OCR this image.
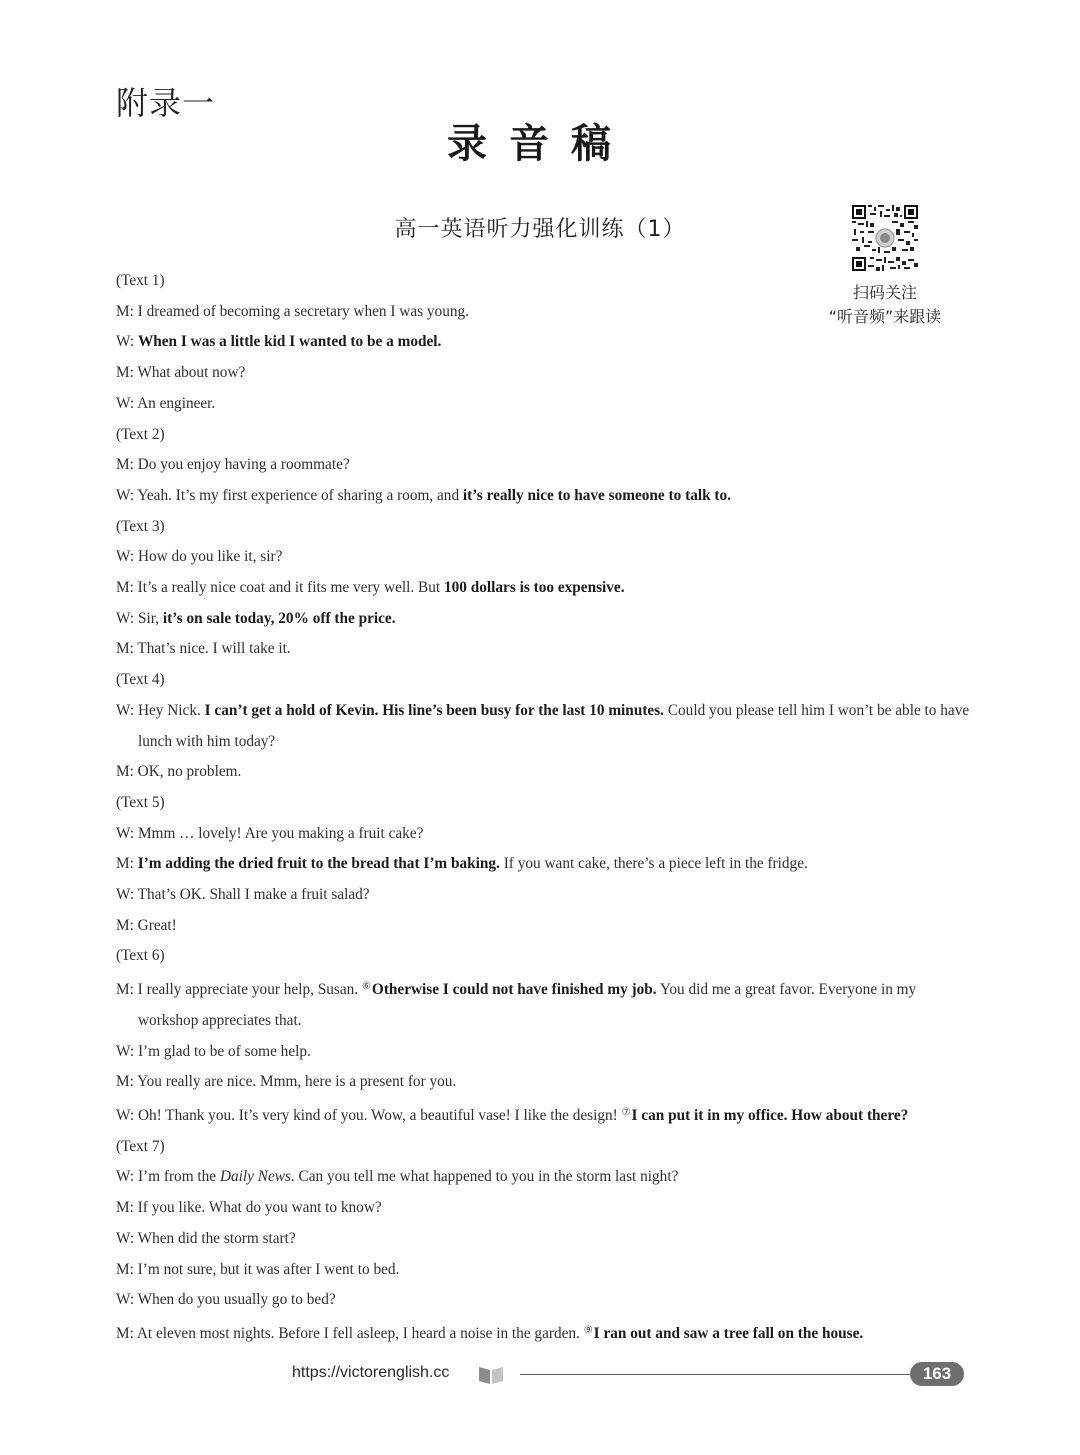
附录一
录音稿
高一英语听力强化训练（1）
扫码关注
“听音频”来跟读
(Text 1)
M: I dreamed of becoming a secretary when I was young.
W: When I was a little kid I wanted to be a model.
M: What about now?
W: An engineer.
(Text 2)
M: Do you enjoy having a roommate?
W: Yeah. It’s my first experience of sharing a room, and it’s really nice to have someone to talk to.
(Text 3)
W: How do you like it, sir?
M: It’s a really nice coat and it fits me very well. But 100 dollars is too expensive.
W: Sir, it’s on sale today, 20% off the price.
M: That’s nice. I will take it.
(Text 4)
W: Hey Nick. I can’t get a hold of Kevin. His line’s been busy for the last 10 minutes. Could you please tell him I won’t be able to have lunch with him today?
M: OK, no problem.
(Text 5)
W: Mmm … lovely! Are you making a fruit cake?
M: I’m adding the dried fruit to the bread that I’m baking. If you want cake, there’s a piece left in the fridge.
W: That’s OK. Shall I make a fruit salad?
M: Great!
(Text 6)
M: I really appreciate your help, Susan. ⑥Otherwise I could not have finished my job. You did me a great favor. Everyone in my workshop appreciates that.
W: I’m glad to be of some help.
M: You really are nice. Mmm, here is a present for you.
W: Oh! Thank you. It’s very kind of you. Wow, a beautiful vase! I like the design! ⑦I can put it in my office. How about there?
(Text 7)
W: I’m from the Daily News. Can you tell me what happened to you in the storm last night?
M: If you like. What do you want to know?
W: When did the storm start?
M: I’m not sure, but it was after I went to bed.
W: When do you usually go to bed?
M: At eleven most nights. Before I fell asleep, I heard a noise in the garden. ⑨I ran out and saw a tree fall on the house.
https://victorenglish.cc	163
